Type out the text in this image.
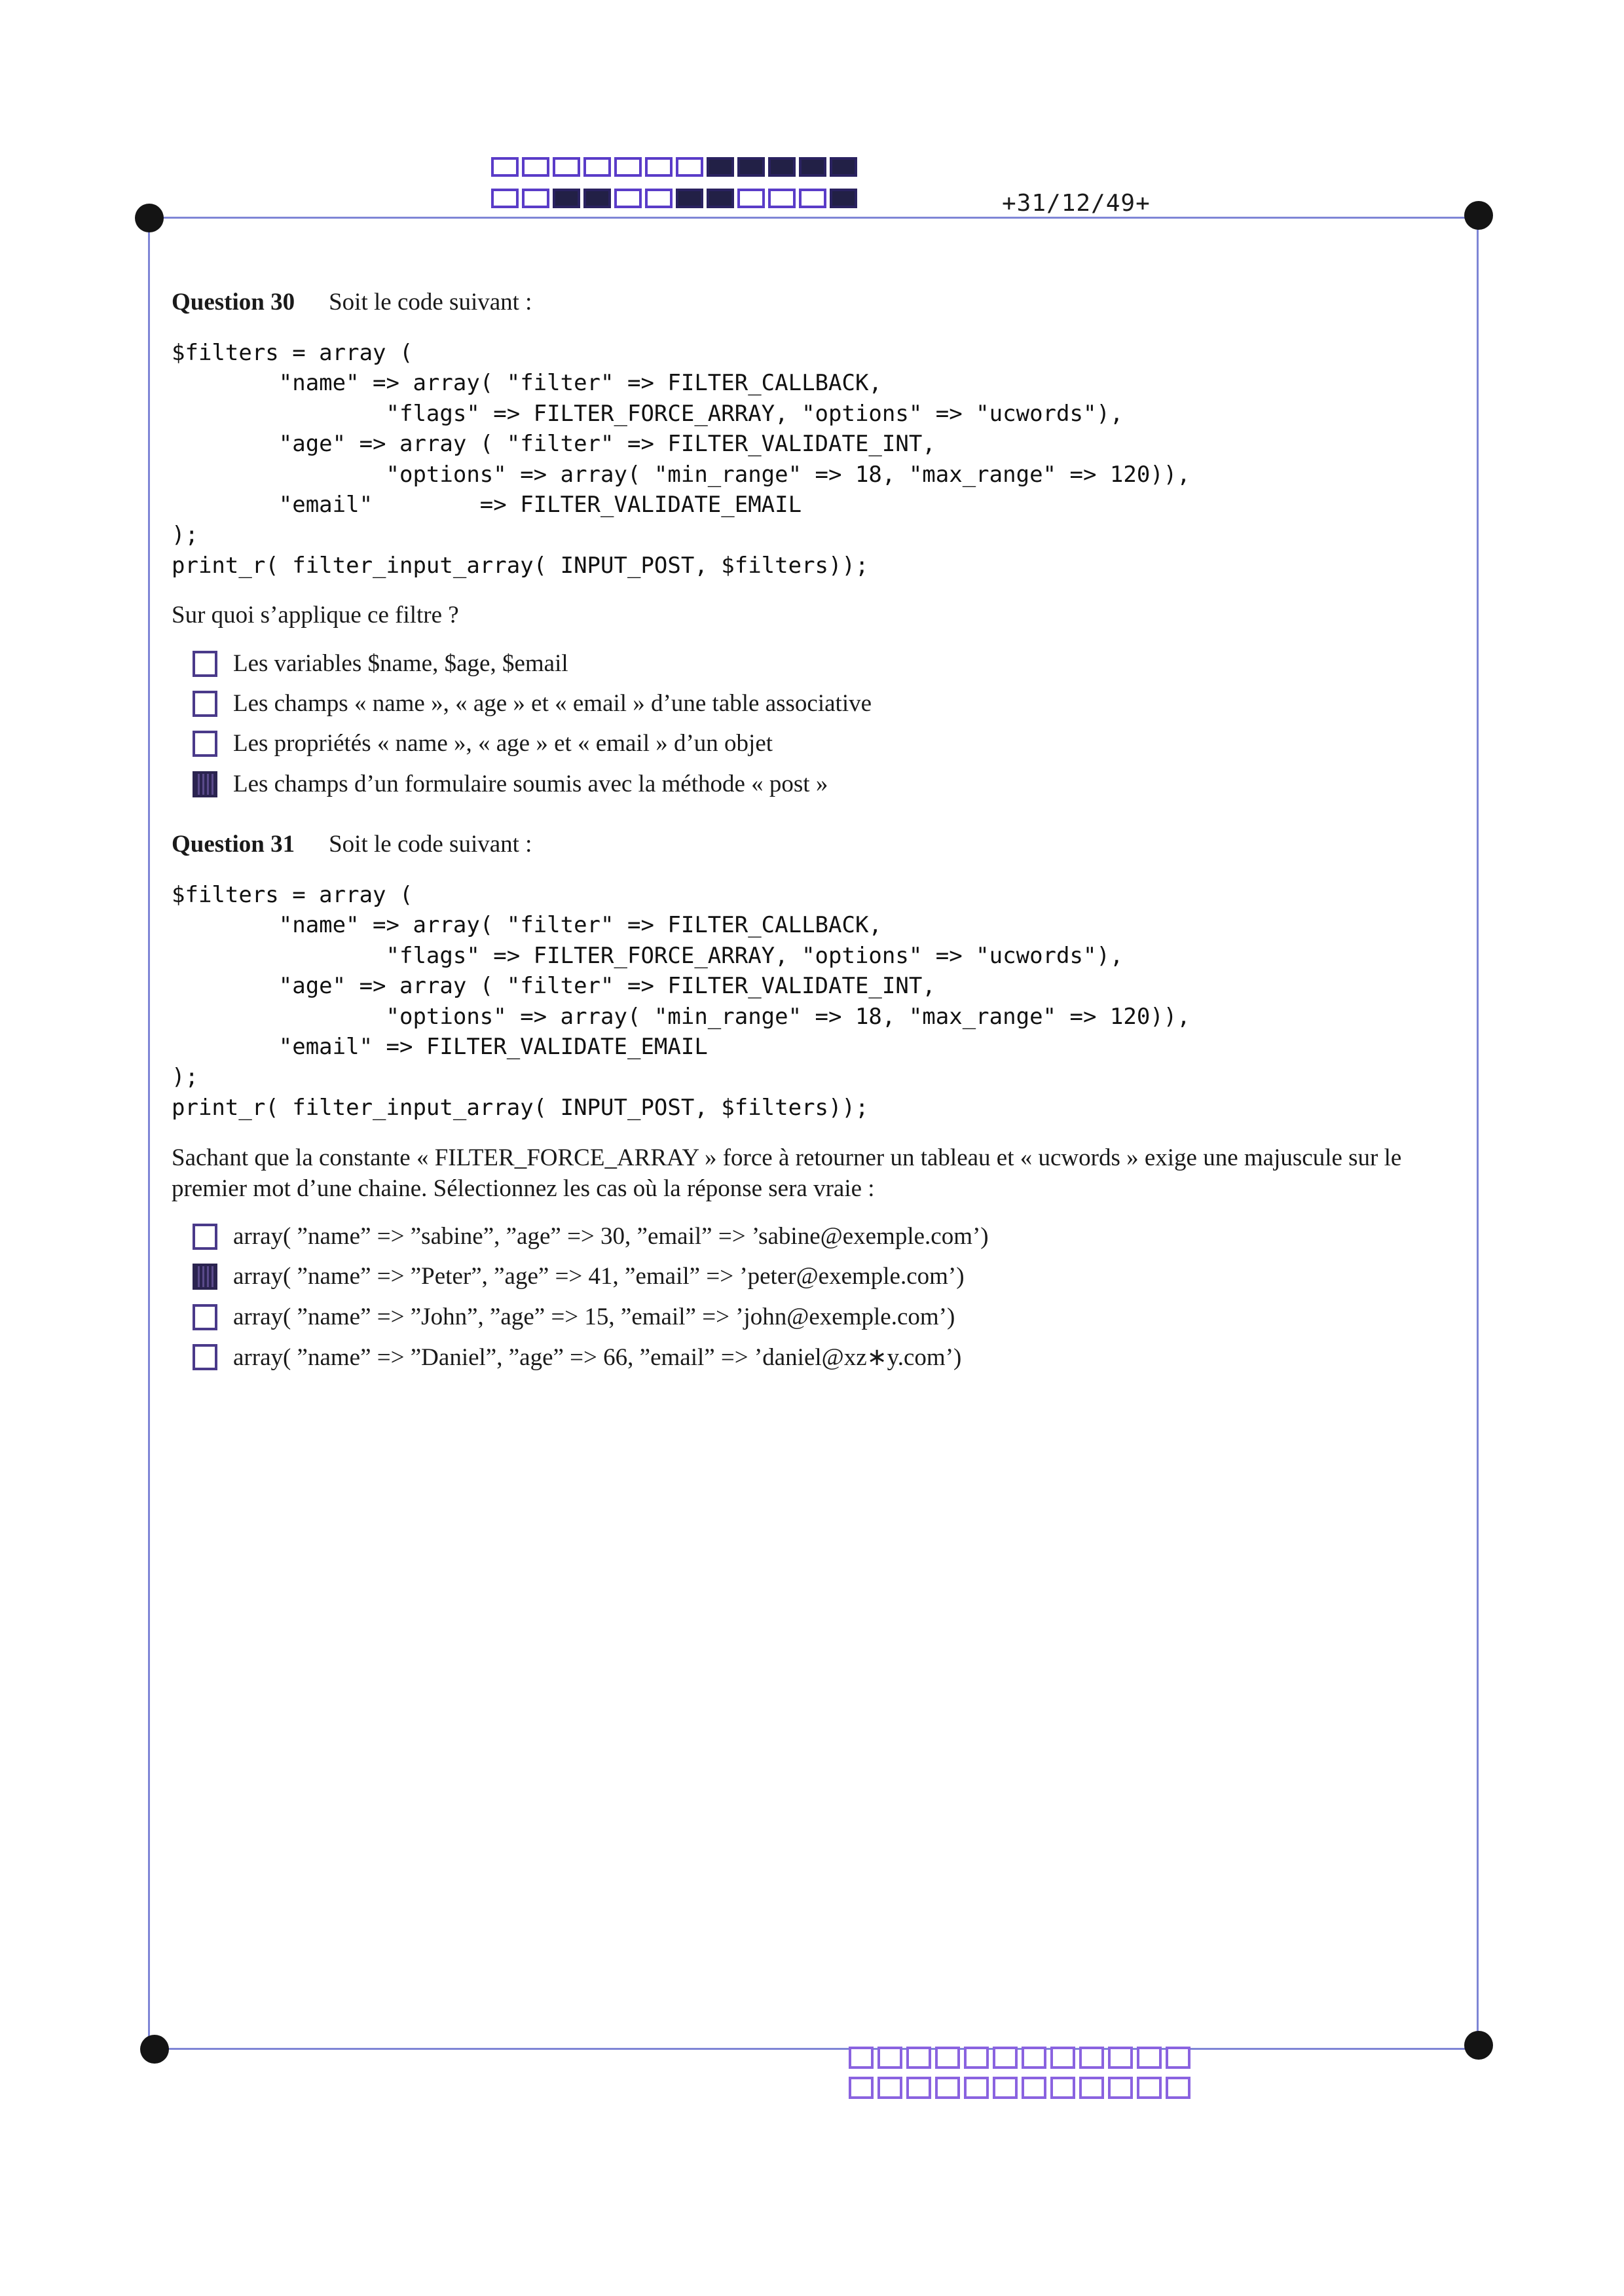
+31/12/49+
Question 30 Soit le code suivant :
$filters = array (
"name" => array( "filter" => FILTER_CALLBACK,
"flags" => FILTER_FORCE_ARRAY, "options" => "ucwords"),
"age" => array ( "filter" => FILTER_VALIDATE_INT,
"options" => array( "min_range" => 18, "max_range" => 120)),
"email"        => FILTER_VALIDATE_EMAIL
);
print_r( filter_input_array( INPUT_POST, $filters));
Sur quoi s’applique ce filtre ?
Les variables $name, $age, $email
Les champs « name », « age » et « email » d’une table associative
Les propriétés « name », « age » et « email » d’un objet
Les champs d’un formulaire soumis avec la méthode « post »
Question 31 Soit le code suivant :
$filters = array (
"name" => array( "filter" => FILTER_CALLBACK,
"flags" => FILTER_FORCE_ARRAY, "options" => "ucwords"),
"age" => array ( "filter" => FILTER_VALIDATE_INT,
"options" => array( "min_range" => 18, "max_range" => 120)),
"email" => FILTER_VALIDATE_EMAIL
);
print_r( filter_input_array( INPUT_POST, $filters));
Sachant que la constante « FILTER_FORCE_ARRAY » force à retourner un tableau et « ucwords » exige une majuscule sur le
premier mot d’une chaine. Sélectionnez les cas où la réponse sera vraie :
array( ”name” => ”sabine”, ”age” => 30, ”email” => ’sabine@exemple.com’)
array( ”name” => ”Peter”, ”age” => 41, ”email” => ’peter@exemple.com’)
array( ”name” => ”John”, ”age” => 15, ”email” => ’john@exemple.com’)
array( ”name” => ”Daniel”, ”age” => 66, ”email” => ’daniel@xz∗y.com’)
